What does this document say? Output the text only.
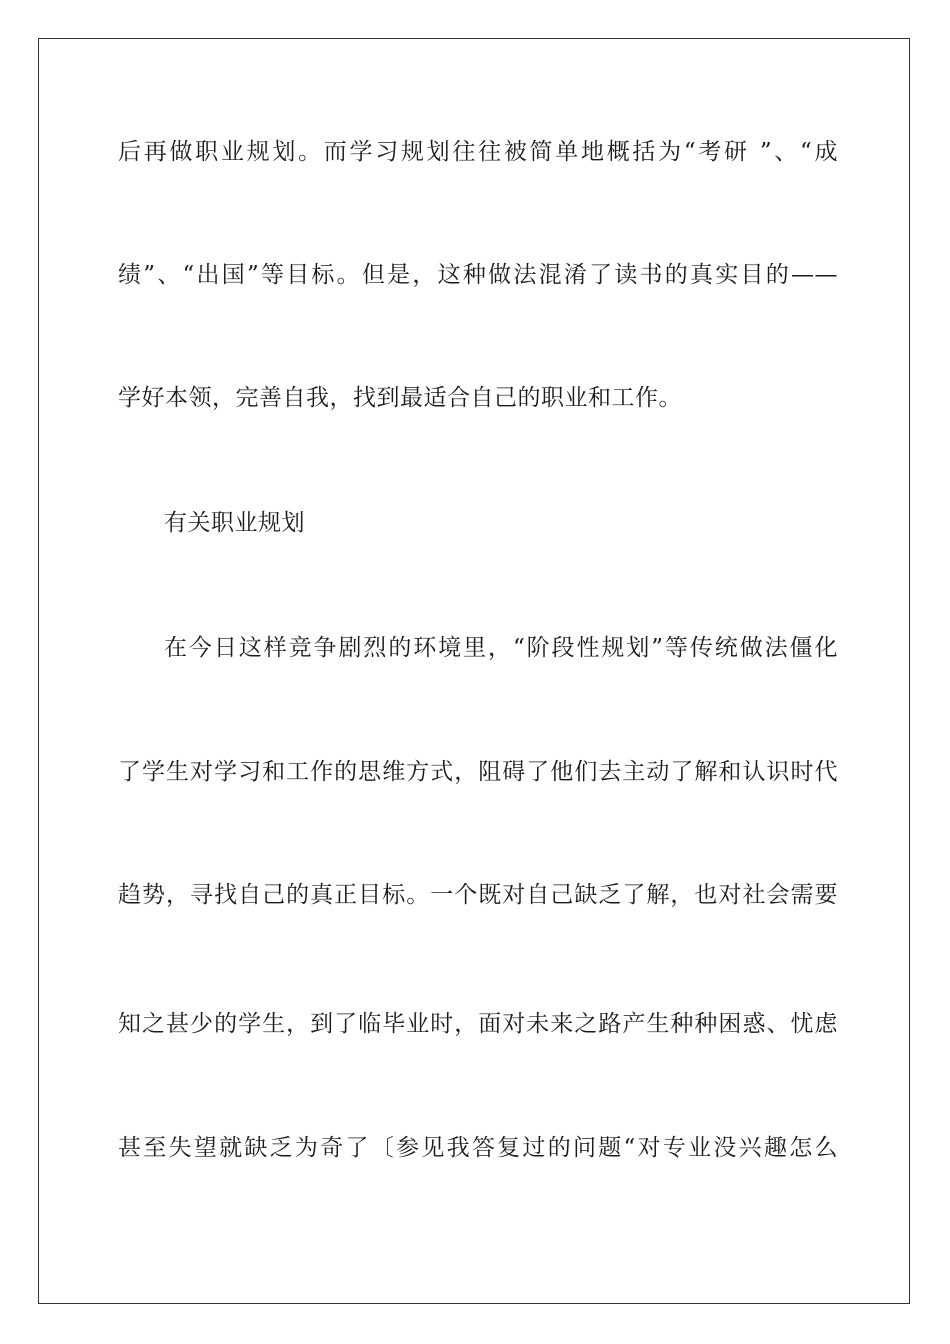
后再做职业规划。而学习规划往往被简单地概括为“考研 ”、“成
绩”、“出国”等目标。但是，这种做法混淆了读书的真实目的——
学好本领，完善自我，找到最适合自己的职业和工作。
有关职业规划
在今日这样竞争剧烈的环境里，“阶段性规划”等传统做法僵化
了学生对学习和工作的思维方式，阻碍了他们去主动了解和认识时代
趋势，寻找自己的真正目标。一个既对自己缺乏了解，也对社会需要
知之甚少的学生，到了临毕业时，面对未来之路产生种种困惑、忧虑
甚至失望就缺乏为奇了〔参见我答复过的问题“对专业没兴趣怎么
